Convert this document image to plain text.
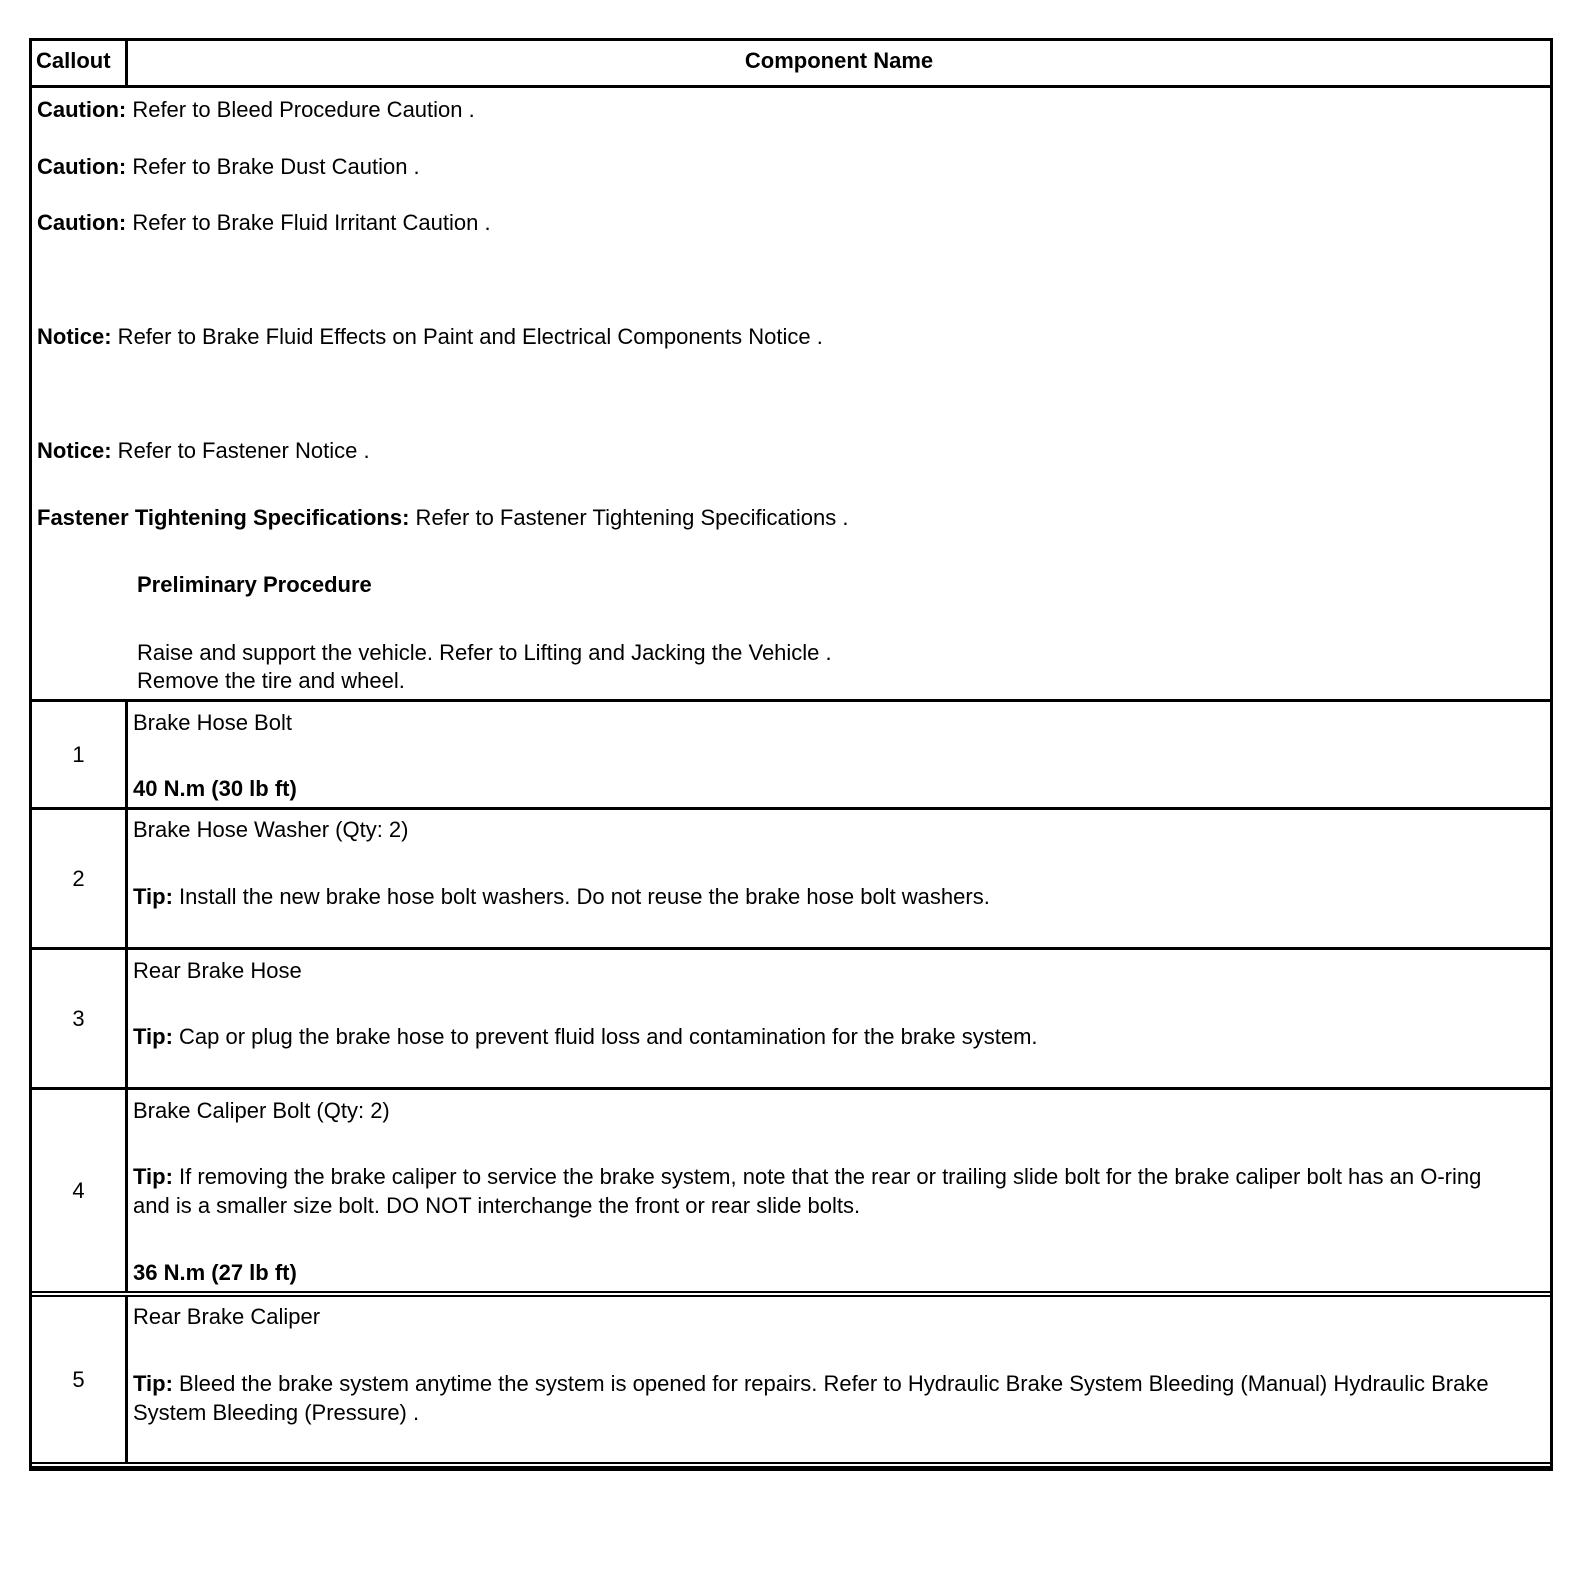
Callout	Component Name
Caution: Refer to Bleed Procedure Caution .
Caution: Refer to Brake Dust Caution .
Caution: Refer to Brake Fluid Irritant Caution .
Notice: Refer to Brake Fluid Effects on Paint and Electrical Components Notice .
Notice: Refer to Fastener Notice .
Fastener Tightening Specifications: Refer to Fastener Tightening Specifications .
Preliminary Procedure
Raise and support the vehicle. Refer to Lifting and Jacking the Vehicle .
Remove the tire and wheel.
1
Brake Hose Bolt
40 N.m (30 lb ft)
2
Brake Hose Washer (Qty: 2)
Tip: Install the new brake hose bolt washers. Do not reuse the brake hose bolt washers.
3
Rear Brake Hose
Tip: Cap or plug the brake hose to prevent fluid loss and contamination for the brake system.
4
Brake Caliper Bolt (Qty: 2)
Tip: If removing the brake caliper to service the brake system, note that the rear or trailing slide bolt for the brake caliper bolt has an O-ring and is a smaller size bolt. DO NOT interchange the front or rear slide bolts.
36 N.m (27 lb ft)
5
Rear Brake Caliper
Tip: Bleed the brake system anytime the system is opened for repairs. Refer to Hydraulic Brake System Bleeding (Manual) Hydraulic Brake System Bleeding (Pressure) .
